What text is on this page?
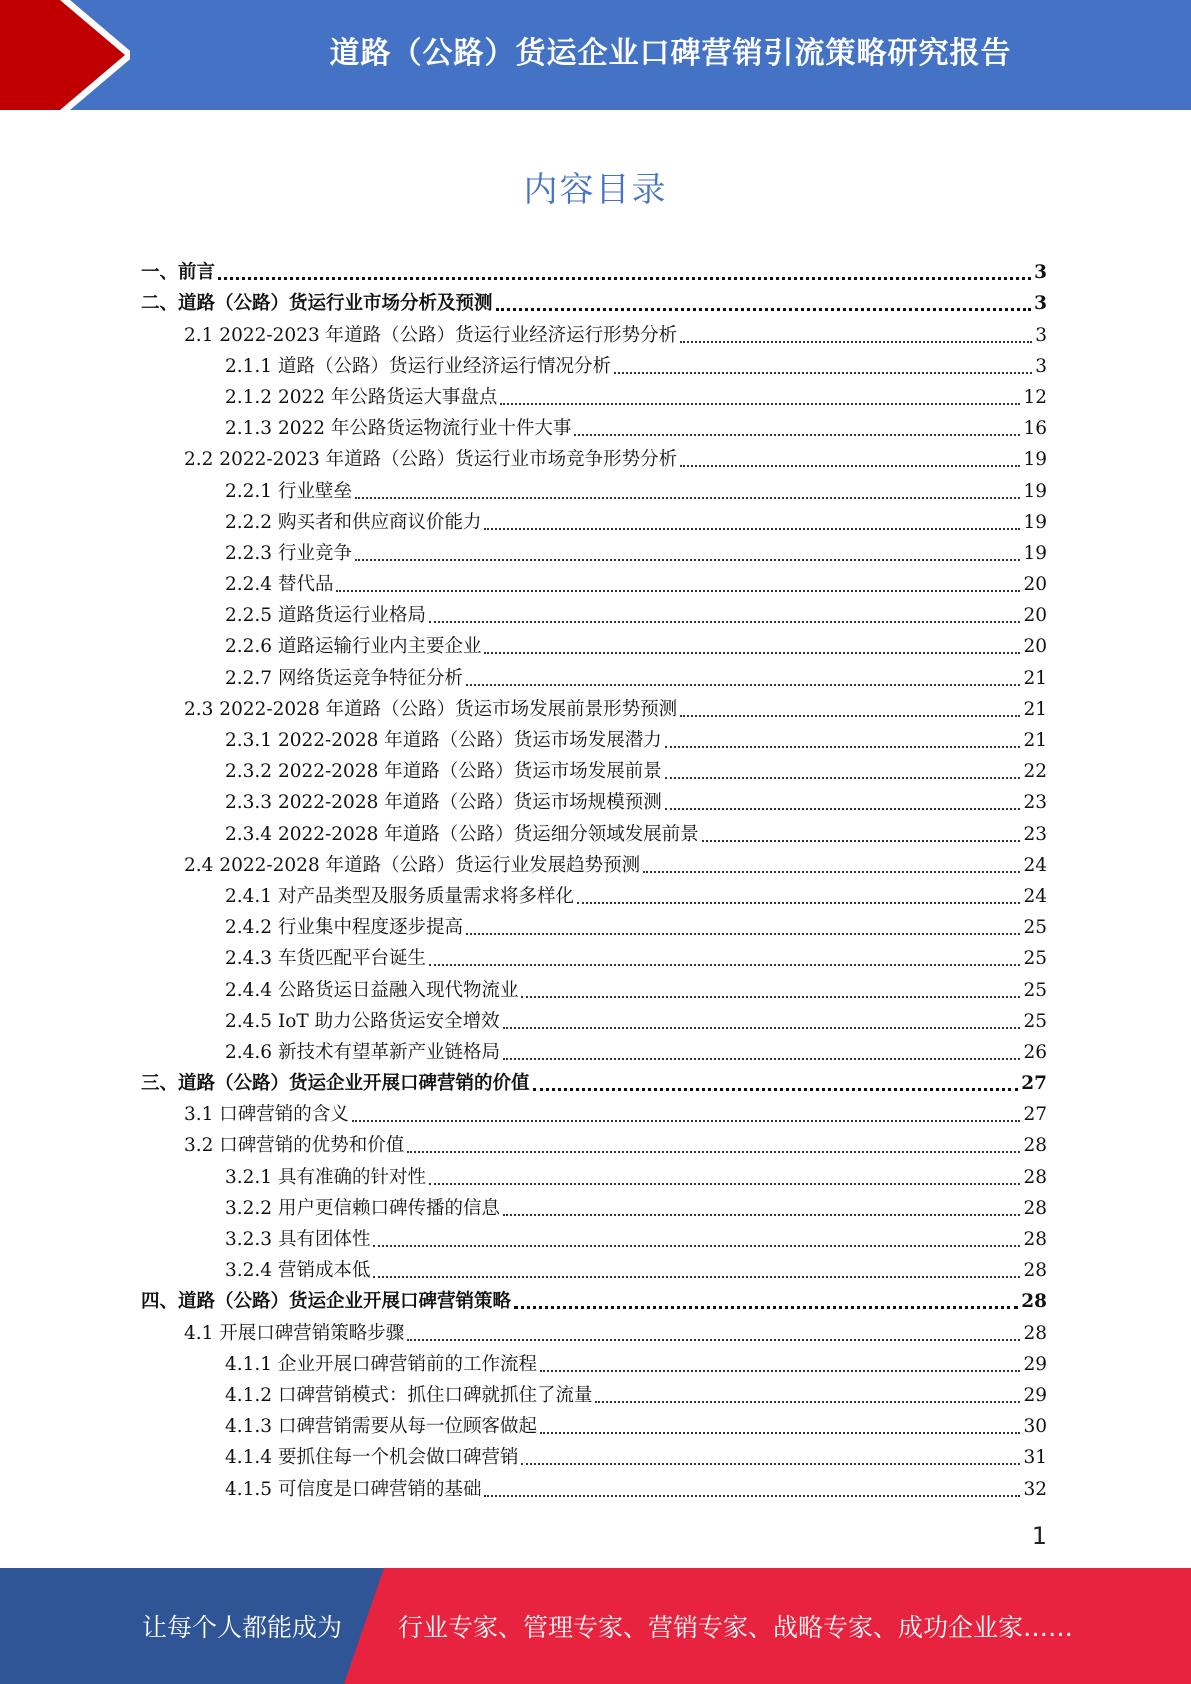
道路（公路）货运企业口碑营销引流策略研究报告
内容目录
一、前言	3
二、道路（公路）货运行业市场分析及预测	3
2.1 2022-2023 年道路（公路）货运行业经济运行形势分析	3
2.1.1 道路（公路）货运行业经济运行情况分析	3
2.1.2 2022 年公路货运大事盘点	12
2.1.3 2022 年公路货运物流行业十件大事	16
2.2 2022-2023 年道路（公路）货运行业市场竞争形势分析	19
2.2.1 行业壁垒	19
2.2.2 购买者和供应商议价能力	19
2.2.3 行业竞争	19
2.2.4 替代品	20
2.2.5 道路货运行业格局	20
2.2.6 道路运输行业内主要企业	20
2.2.7 网络货运竞争特征分析	21
2.3 2022-2028 年道路（公路）货运市场发展前景形势预测	21
2.3.1 2022-2028 年道路（公路）货运市场发展潜力	21
2.3.2 2022-2028 年道路（公路）货运市场发展前景	22
2.3.3 2022-2028 年道路（公路）货运市场规模预测	23
2.3.4 2022-2028 年道路（公路）货运细分领域发展前景	23
2.4 2022-2028 年道路（公路）货运行业发展趋势预测	24
2.4.1 对产品类型及服务质量需求将多样化	24
2.4.2 行业集中程度逐步提高	25
2.4.3 车货匹配平台诞生	25
2.4.4 公路货运日益融入现代物流业	25
2.4.5 IoT 助力公路货运安全增效	25
2.4.6 新技术有望革新产业链格局	26
三、道路（公路）货运企业开展口碑营销的价值	27
3.1 口碑营销的含义	27
3.2 口碑营销的优势和价值	28
3.2.1 具有准确的针对性	28
3.2.2 用户更信赖口碑传播的信息	28
3.2.3 具有团体性	28
3.2.4 营销成本低	28
四、道路（公路）货运企业开展口碑营销策略	28
4.1 开展口碑营销策略步骤	28
4.1.1 企业开展口碑营销前的工作流程	29
4.1.2 口碑营销模式：抓住口碑就抓住了流量	29
4.1.3 口碑营销需要从每一位顾客做起	30
4.1.4 要抓住每一个机会做口碑营销	31
4.1.5 可信度是口碑营销的基础	32
1
让每个人都能成为 行业专家、管理专家、营销专家、战略专家、成功企业家……
